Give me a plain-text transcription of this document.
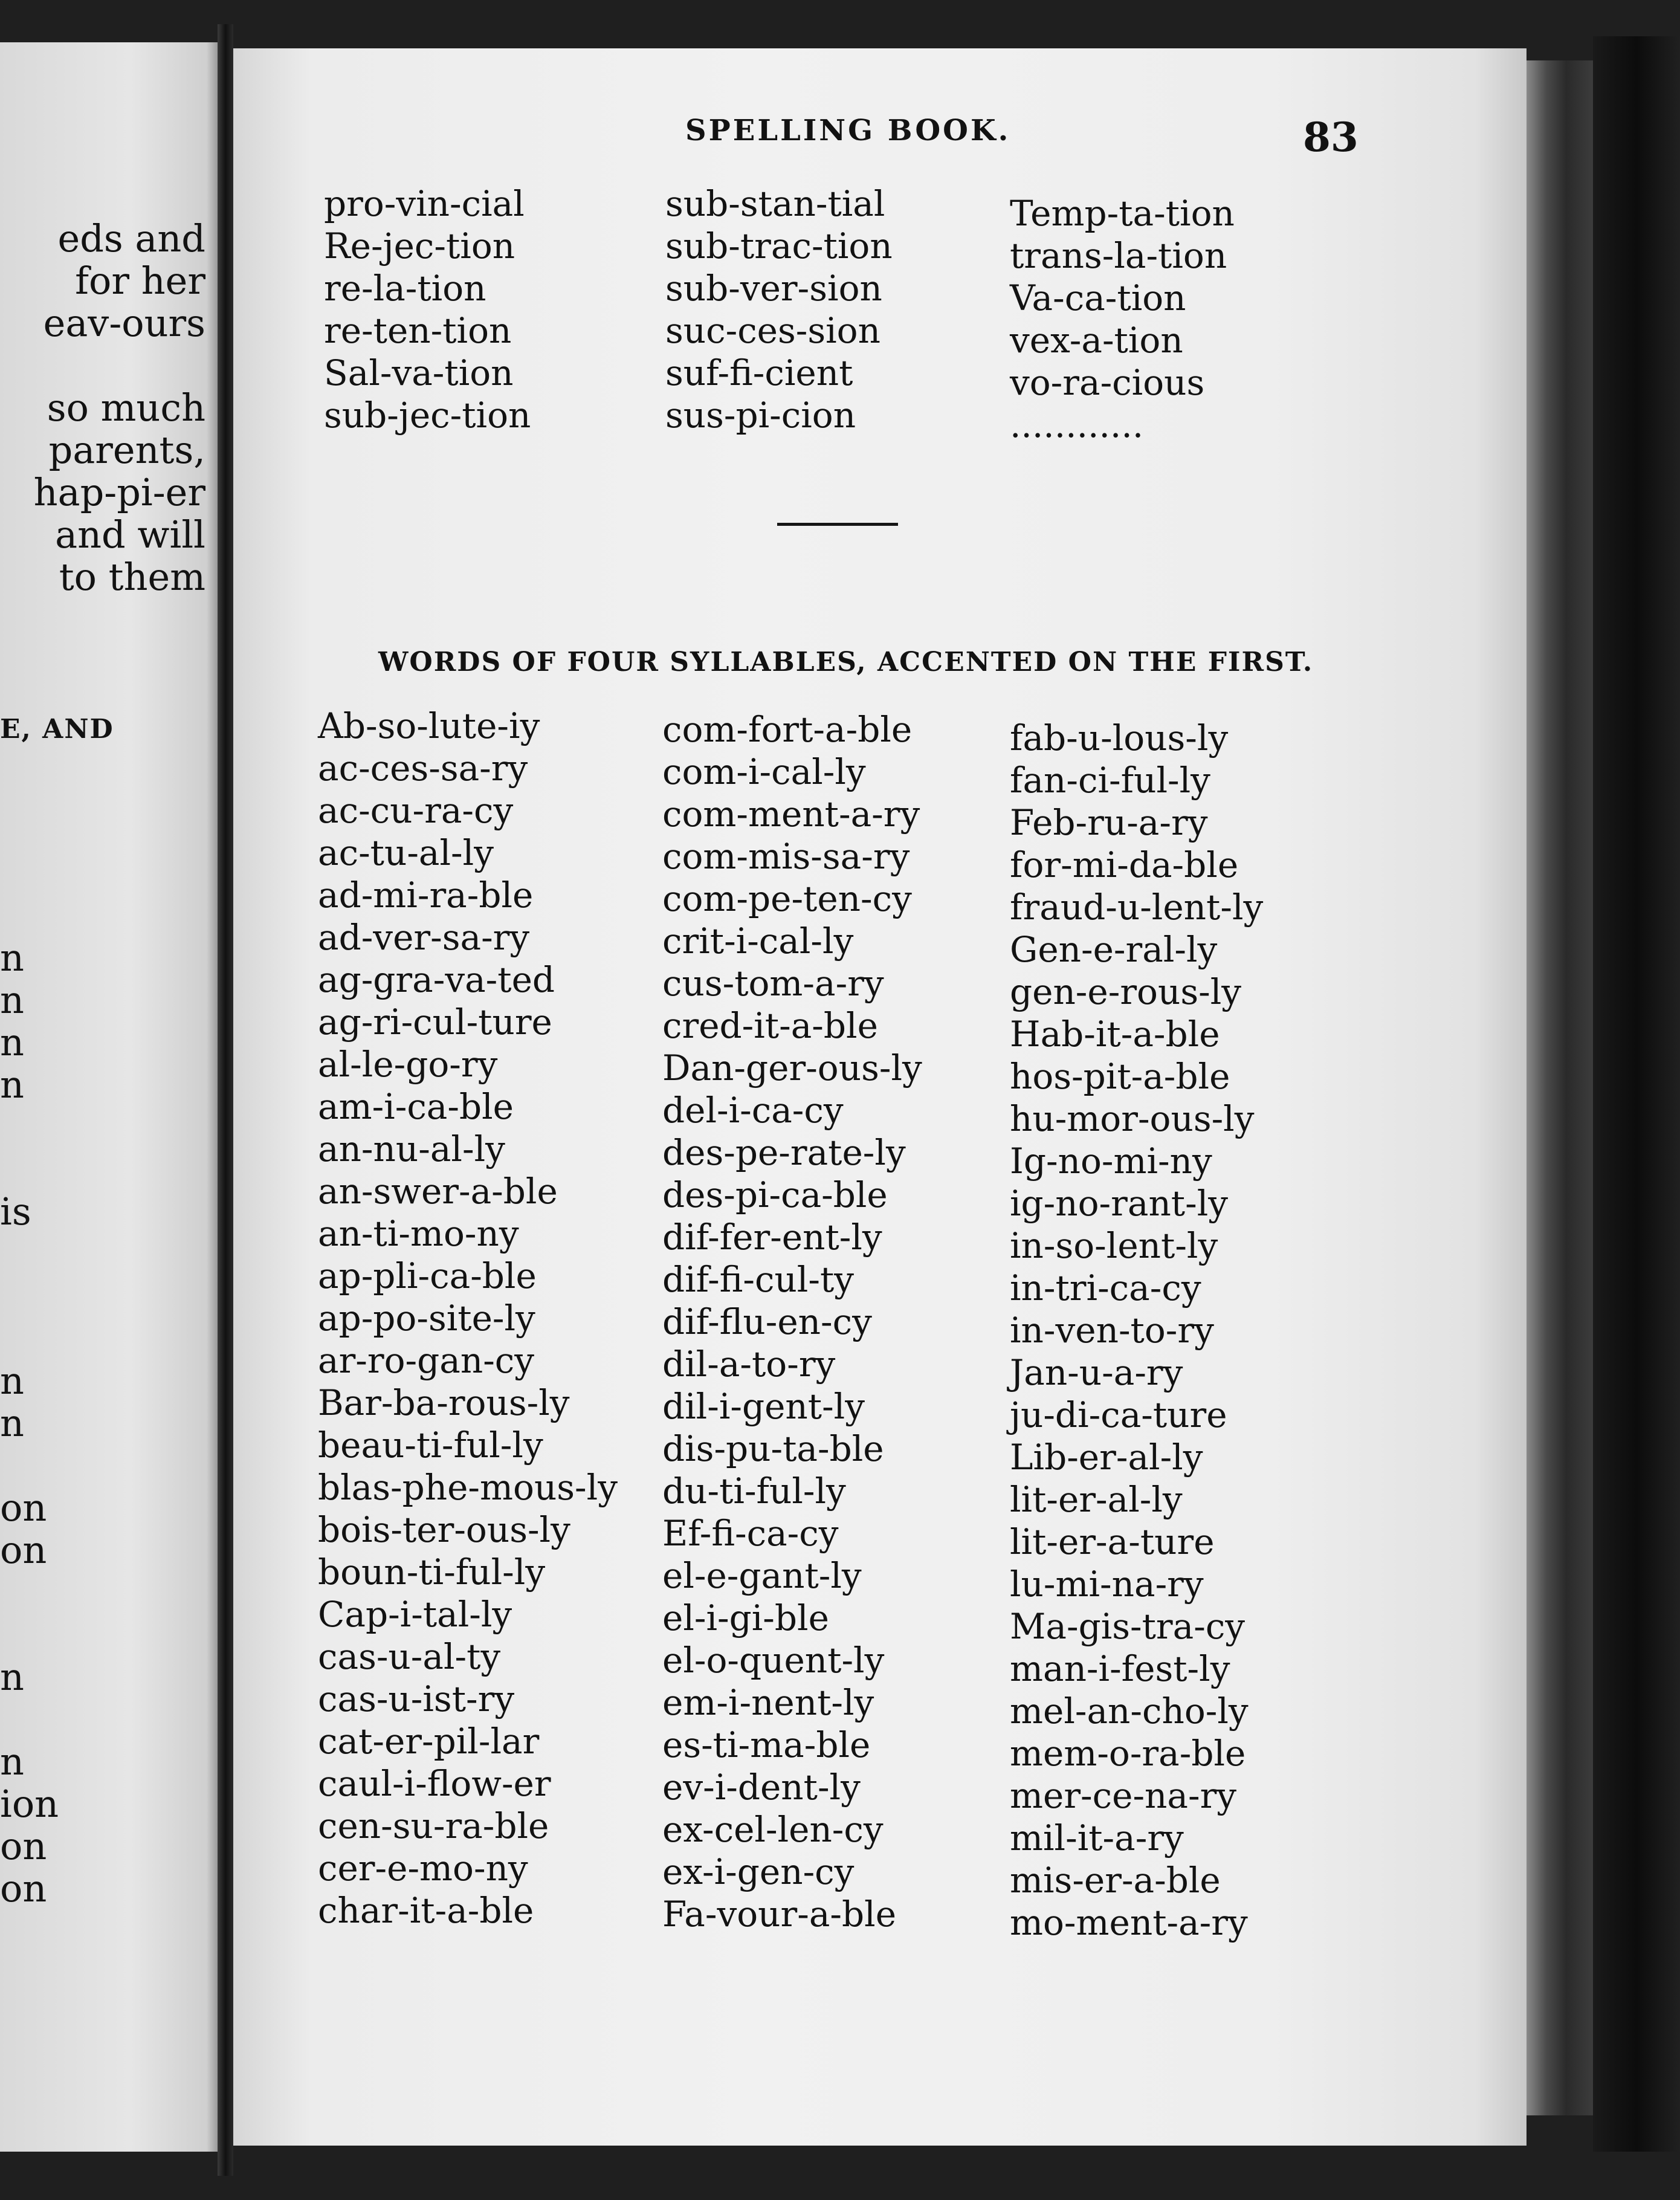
eds and
for her
eav-ours
so much
parents,
hap-pi-er
and will
to them
E, AND
n
n
n
n
is
n
n
on
on
n
n
ion
on
on
SPELLING BOOK.	83
pro-vin-cial
Re-jec-tion
re-la-tion
re-ten-tion
Sal-va-tion
sub-jec-tion
sub-stan-tial
sub-trac-tion
sub-ver-sion
suc-ces-sion
suf-fi-cient
sus-pi-cion
Temp-ta-tion
trans-la-tion
Va-ca-tion
vex-a-tion
vo-ra-cious
............
WORDS OF FOUR SYLLABLES, ACCENTED ON THE FIRST.
Ab-so-lute-iy
ac-ces-sa-ry
ac-cu-ra-cy
ac-tu-al-ly
ad-mi-ra-ble
ad-ver-sa-ry
ag-gra-va-ted
ag-ri-cul-ture
al-le-go-ry
am-i-ca-ble
an-nu-al-ly
an-swer-a-ble
an-ti-mo-ny
ap-pli-ca-ble
ap-po-site-ly
ar-ro-gan-cy
Bar-ba-rous-ly
beau-ti-ful-ly
blas-phe-mous-ly
bois-ter-ous-ly
boun-ti-ful-ly
Cap-i-tal-ly
cas-u-al-ty
cas-u-ist-ry
cat-er-pil-lar
caul-i-flow-er
cen-su-ra-ble
cer-e-mo-ny
char-it-a-ble
com-fort-a-ble
com-i-cal-ly
com-ment-a-ry
com-mis-sa-ry
com-pe-ten-cy
crit-i-cal-ly
cus-tom-a-ry
cred-it-a-ble
Dan-ger-ous-ly
del-i-ca-cy
des-pe-rate-ly
des-pi-ca-ble
dif-fer-ent-ly
dif-fi-cul-ty
dif-flu-en-cy
dil-a-to-ry
dil-i-gent-ly
dis-pu-ta-ble
du-ti-ful-ly
Ef-fi-ca-cy
el-e-gant-ly
el-i-gi-ble
el-o-quent-ly
em-i-nent-ly
es-ti-ma-ble
ev-i-dent-ly
ex-cel-len-cy
ex-i-gen-cy
Fa-vour-a-ble
fab-u-lous-ly
fan-ci-ful-ly
Feb-ru-a-ry
for-mi-da-ble
fraud-u-lent-ly
Gen-e-ral-ly
gen-e-rous-ly
Hab-it-a-ble
hos-pit-a-ble
hu-mor-ous-ly
Ig-no-mi-ny
ig-no-rant-ly
in-so-lent-ly
in-tri-ca-cy
in-ven-to-ry
Jan-u-a-ry
ju-di-ca-ture
Lib-er-al-ly
lit-er-al-ly
lit-er-a-ture
lu-mi-na-ry
Ma-gis-tra-cy
man-i-fest-ly
mel-an-cho-ly
mem-o-ra-ble
mer-ce-na-ry
mil-it-a-ry
mis-er-a-ble
mo-ment-a-ry
